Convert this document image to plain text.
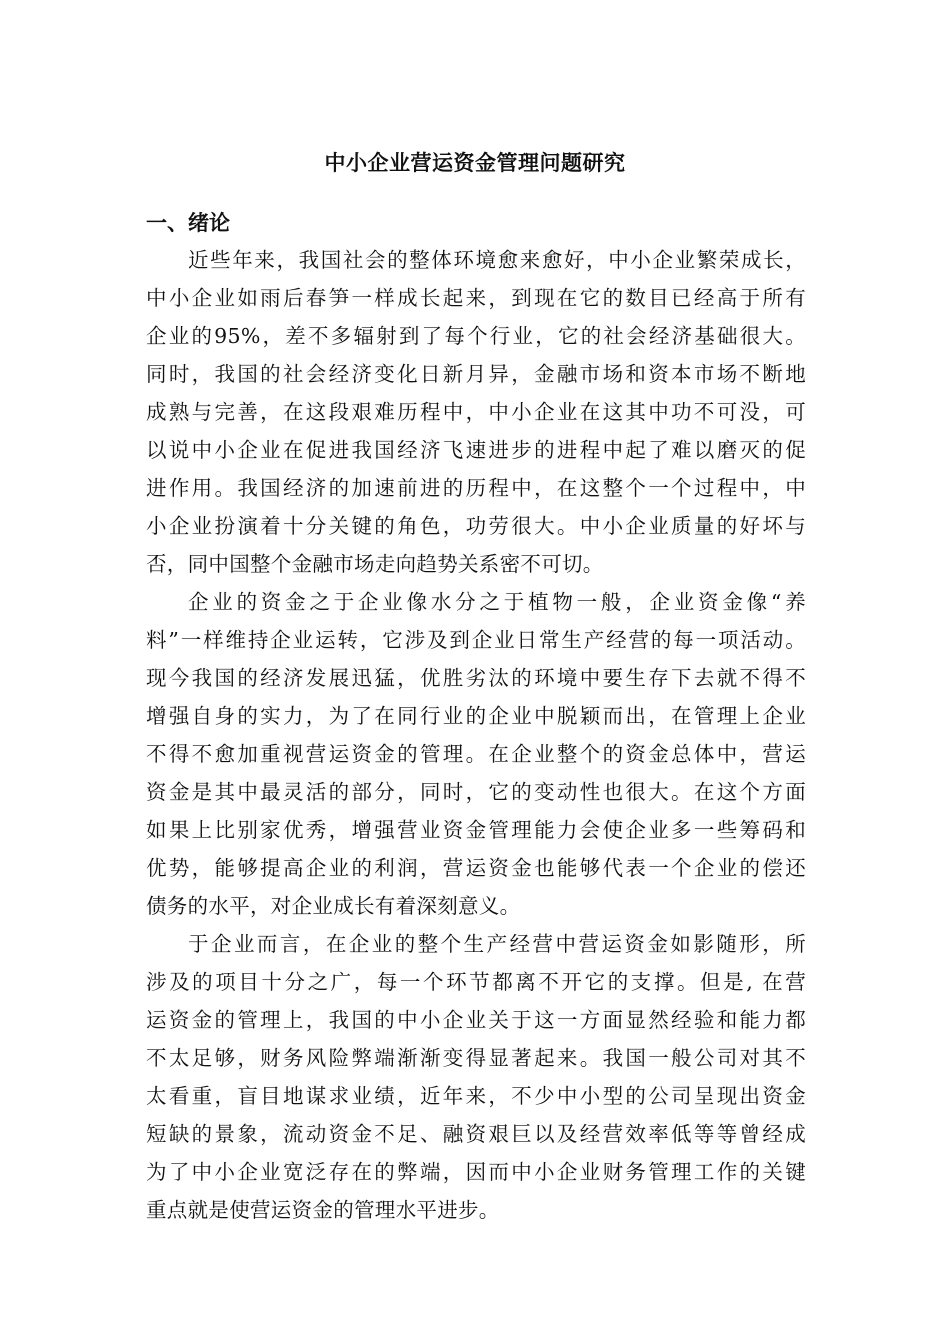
中小企业营运资金管理问题研究
一、绪论
近些年来，我国社会的整体环境愈来愈好，中小企业繁荣成长，
中小企业如雨后春笋一样成长起来，到现在它的数目已经高于所有
企业的95%，差不多辐射到了每个行业，它的社会经济基础很大。
同时，我国的社会经济变化日新月异，金融市场和资本市场不断地
成熟与完善，在这段艰难历程中，中小企业在这其中功不可没，可
以说中小企业在促进我国经济飞速进步的进程中起了难以磨灭的促
进作用。我国经济的加速前进的历程中，在这整个一个过程中，中
小企业扮演着十分关键的角色，功劳很大。中小企业质量的好坏与
否，同中国整个金融市场走向趋势关系密不可切。
企业的资金之于企业像水分之于植物一般，企业资金像“养
料”一样维持企业运转，它涉及到企业日常生产经营的每一项活动。
现今我国的经济发展迅猛，优胜劣汰的环境中要生存下去就不得不
增强自身的实力，为了在同行业的企业中脱颖而出，在管理上企业
不得不愈加重视营运资金的管理。在企业整个的资金总体中，营运
资金是其中最灵活的部分，同时，它的变动性也很大。在这个方面
如果上比别家优秀，增强营业资金管理能力会使企业多一些筹码和
优势，能够提高企业的利润，营运资金也能够代表一个企业的偿还
债务的水平，对企业成长有着深刻意义。
于企业而言，在企业的整个生产经营中营运资金如影随形，所
涉及的项目十分之广，每一个环节都离不开它的支撑。但是, 在营
运资金的管理上，我国的中小企业关于这一方面显然经验和能力都
不太足够，财务风险弊端渐渐变得显著起来。我国一般公司对其不
太看重，盲目地谋求业绩，近年来，不少中小型的公司呈现出资金
短缺的景象，流动资金不足、融资艰巨以及经营效率低等等曾经成
为了中小企业宽泛存在的弊端，因而中小企业财务管理工作的关键
重点就是使营运资金的管理水平进步。
